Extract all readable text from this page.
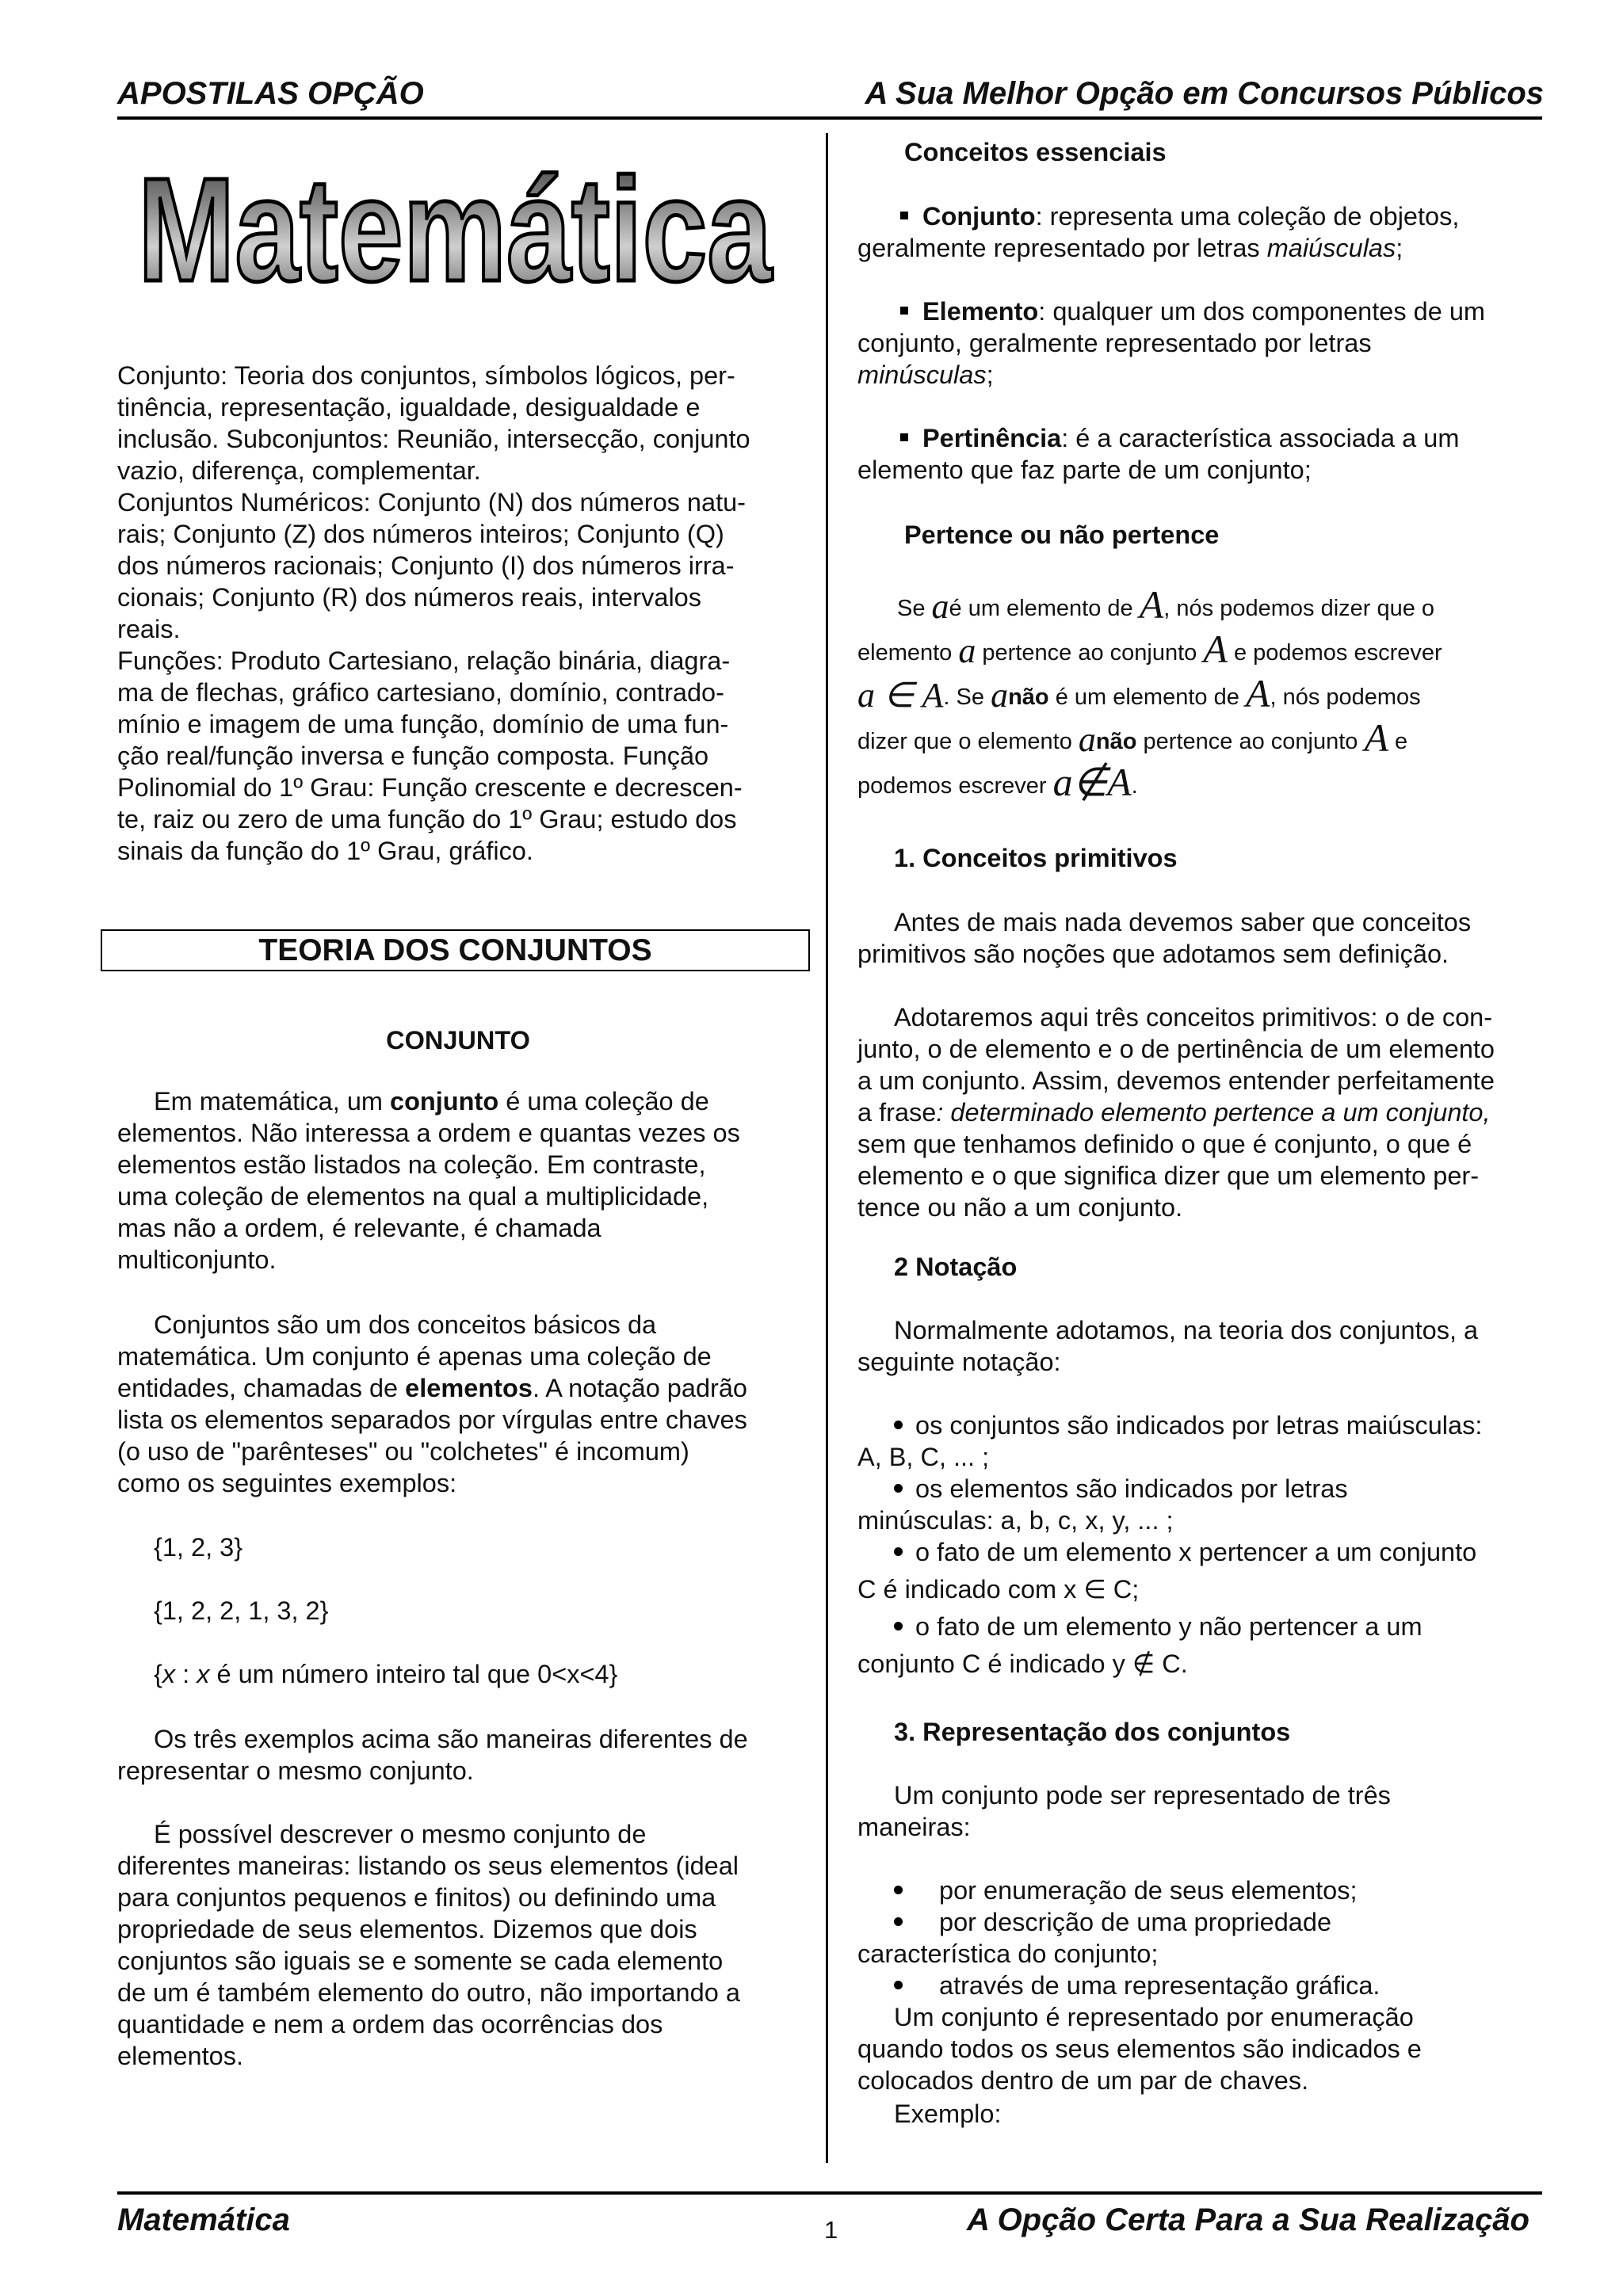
APOSTILAS OPÇÃO	A Sua Melhor Opção em Concursos Públicos
Matemática
Conjunto: Teoria dos conjuntos, símbolos lógicos, per-
tinência, representação, igualdade, desigualdade e
inclusão. Subconjuntos: Reunião, intersecção, conjunto
vazio, diferença, complementar.
Conjuntos Numéricos: Conjunto (N) dos números natu-
rais; Conjunto (Z) dos números inteiros; Conjunto (Q)
dos números racionais; Conjunto (I) dos números irra-
cionais; Conjunto (R) dos números reais, intervalos
reais.
Funções: Produto Cartesiano, relação binária, diagra-
ma de flechas, gráfico cartesiano, domínio, contrado-
mínio e imagem de uma função, domínio de uma fun-
ção real/função inversa e função composta. Função
Polinomial do 1º Grau: Função crescente e decrescen-
te, raiz ou zero de uma função do 1º Grau; estudo dos
sinais da função do 1º Grau, gráfico.
TEORIA DOS CONJUNTOS
CONJUNTO
Em matemática, um conjunto é uma coleção de
elementos. Não interessa a ordem e quantas vezes os
elementos estão listados na coleção. Em contraste,
uma coleção de elementos na qual a multiplicidade,
mas não a ordem, é relevante, é chamada
multiconjunto.
Conjuntos são um dos conceitos básicos da
matemática. Um conjunto é apenas uma coleção de
entidades, chamadas de elementos. A notação padrão
lista os elementos separados por vírgulas entre chaves
(o uso de "parênteses" ou "colchetes" é incomum)
como os seguintes exemplos:
{1, 2, 3}
{1, 2, 2, 1, 3, 2}
{x : x é um número inteiro tal que 0<x<4}
Os três exemplos acima são maneiras diferentes de
representar o mesmo conjunto.
É possível descrever o mesmo conjunto de
diferentes maneiras: listando os seus elementos (ideal
para conjuntos pequenos e finitos) ou definindo uma
propriedade de seus elementos. Dizemos que dois
conjuntos são iguais se e somente se cada elemento
de um é também elemento do outro, não importando a
quantidade e nem a ordem das ocorrências dos
elementos.
Conceitos essenciais
Conjunto: representa uma coleção de objetos,
geralmente representado por letras maiúsculas;
Elemento: qualquer um dos componentes de um
conjunto, geralmente representado por letras
minúsculas;
Pertinência: é a característica associada a um
elemento que faz parte de um conjunto;
Pertence ou não pertence
Se aé um elemento de A, nós podemos dizer que o
elemento a pertence ao conjunto A e podemos escrever
a ∈ A. Se anão é um elemento de A, nós podemos
dizer que o elemento anão pertence ao conjunto A e
podemos escrever a∉A.
1. Conceitos primitivos
Antes de mais nada devemos saber que conceitos
primitivos são noções que adotamos sem definição.
Adotaremos aqui três conceitos primitivos: o de con-
junto, o de elemento e o de pertinência de um elemento
a um conjunto. Assim, devemos entender perfeitamente
a frase: determinado elemento pertence a um conjunto,
sem que tenhamos definido o que é conjunto, o que é
elemento e o que significa dizer que um elemento per-
tence ou não a um conjunto.
2 Notação
Normalmente adotamos, na teoria dos conjuntos, a
seguinte notação:
os conjuntos são indicados por letras maiúsculas:
A, B, C, ... ;
os elementos são indicados por letras
minúsculas: a, b, c, x, y, ... ;
o fato de um elemento x pertencer a um conjunto
C é indicado com x ∈ C;
o fato de um elemento y não pertencer a um
conjunto C é indicado y ∉ C.
3. Representação dos conjuntos
Um conjunto pode ser representado de três
maneiras:
por enumeração de seus elementos;
por descrição de uma propriedade
característica do conjunto;
através de uma representação gráfica.
Um conjunto é representado por enumeração
quando todos os seus elementos são indicados e
colocados dentro de um par de chaves.
Exemplo:
Matemática	1	A Opção Certa Para a Sua Realização
